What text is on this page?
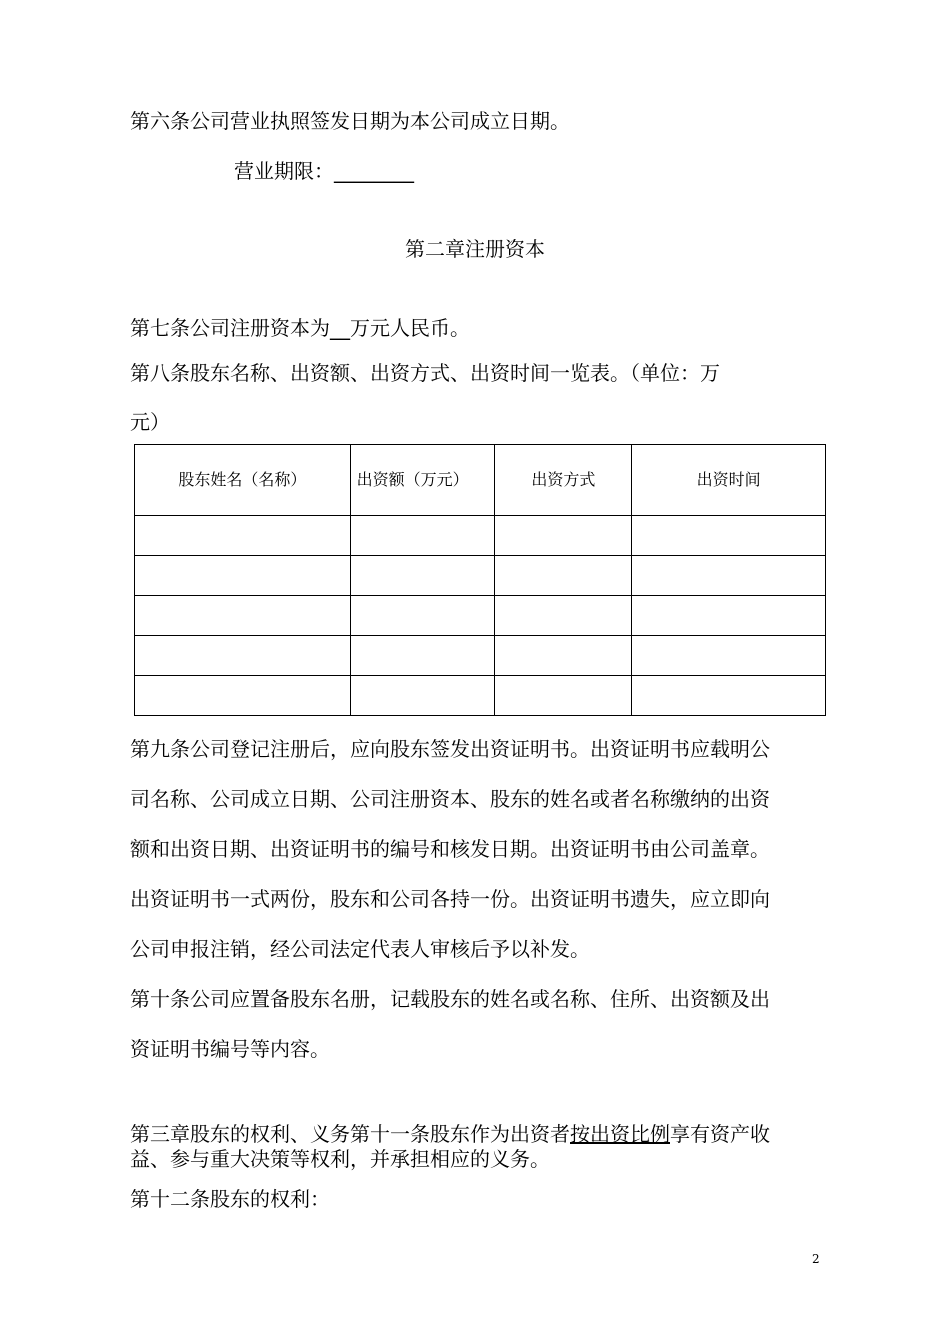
第六条公司营业执照签发日期为本公司成立日期。
营业期限：________
第二章注册资本
第七条公司注册资本为__万元人民币。
第八条股东名称、出资额、出资方式、出资时间一览表。（单位：万
元）
股东姓名（名称）	出资额（万元）	出资方式	出资时间

第九条公司登记注册后，应向股东签发出资证明书。出资证明书应载明公
司名称、公司成立日期、公司注册资本、股东的姓名或者名称缴纳的出资
额和出资日期、出资证明书的编号和核发日期。出资证明书由公司盖章。
出资证明书一式两份，股东和公司各持一份。出资证明书遗失，应立即向
公司申报注销，经公司法定代表人审核后予以补发。
第十条公司应置备股东名册，记载股东的姓名或名称、住所、出资额及出
资证明书编号等内容。
第三章股东的权利、义务第十一条股东作为出资者按出资比例享有资产收
益、参与重大决策等权利，并承担相应的义务。
第十二条股东的权利：
2
